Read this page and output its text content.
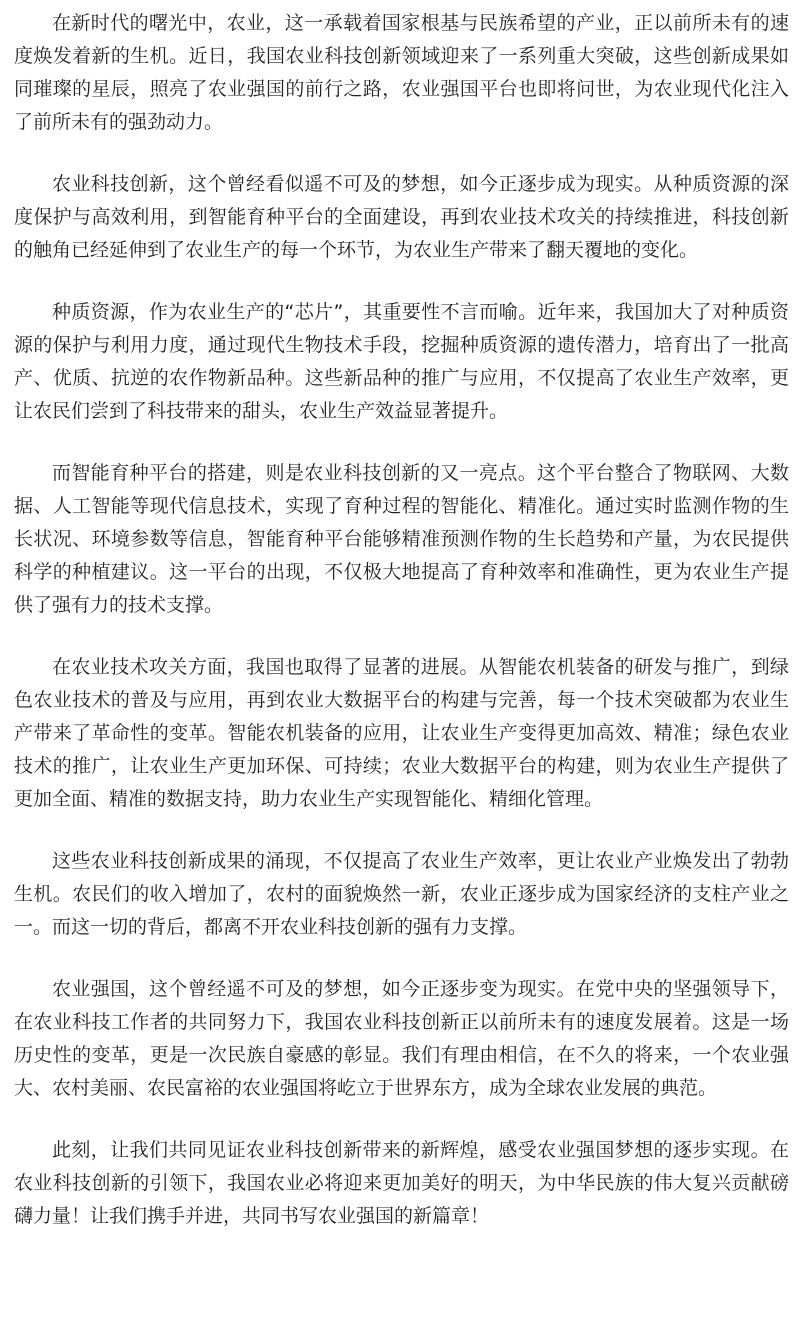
在新时代的曙光中，农业，这一承载着国家根基与民族希望的产业，正以前所未有的速度焕发着新的生机。近日，我国农业科技创新领域迎来了一系列重大突破，这些创新成果如同璀璨的星辰，照亮了农业强国的前行之路，农业强国平台也即将问世，为农业现代化注入了前所未有的强劲动力。

农业科技创新，这个曾经看似遥不可及的梦想，如今正逐步成为现实。从种质资源的深度保护与高效利用，到智能育种平台的全面建设，再到农业技术攻关的持续推进，科技创新的触角已经延伸到了农业生产的每一个环节，为农业生产带来了翻天覆地的变化。

种质资源，作为农业生产的“芯片”，其重要性不言而喻。近年来，我国加大了对种质资源的保护与利用力度，通过现代生物技术手段，挖掘种质资源的遗传潜力，培育出了一批高产、优质、抗逆的农作物新品种。这些新品种的推广与应用，不仅提高了农业生产效率，更让农民们尝到了科技带来的甜头，农业生产效益显著提升。

而智能育种平台的搭建，则是农业科技创新的又一亮点。这个平台整合了物联网、大数据、人工智能等现代信息技术，实现了育种过程的智能化、精准化。通过实时监测作物的生长状况、环境参数等信息，智能育种平台能够精准预测作物的生长趋势和产量，为农民提供科学的种植建议。这一平台的出现，不仅极大地提高了育种效率和准确性，更为农业生产提供了强有力的技术支撑。

在农业技术攻关方面，我国也取得了显著的进展。从智能农机装备的研发与推广，到绿色农业技术的普及与应用，再到农业大数据平台的构建与完善，每一个技术突破都为农业生产带来了革命性的变革。智能农机装备的应用，让农业生产变得更加高效、精准；绿色农业技术的推广，让农业生产更加环保、可持续；农业大数据平台的构建，则为农业生产提供了更加全面、精准的数据支持，助力农业生产实现智能化、精细化管理。

这些农业科技创新成果的涌现，不仅提高了农业生产效率，更让农业产业焕发出了勃勃生机。农民们的收入增加了，农村的面貌焕然一新，农业正逐步成为国家经济的支柱产业之一。而这一切的背后，都离不开农业科技创新的强有力支撑。

农业强国，这个曾经遥不可及的梦想，如今正逐步变为现实。在党中央的坚强领导下，在农业科技工作者的共同努力下，我国农业科技创新正以前所未有的速度发展着。这是一场历史性的变革，更是一次民族自豪感的彰显。我们有理由相信，在不久的将来，一个农业强大、农村美丽、农民富裕的农业强国将屹立于世界东方，成为全球农业发展的典范。

此刻，让我们共同见证农业科技创新带来的新辉煌，感受农业强国梦想的逐步实现。在农业科技创新的引领下，我国农业必将迎来更加美好的明天，为中华民族的伟大复兴贡献磅礴力量！让我们携手并进，共同书写农业强国的新篇章！
